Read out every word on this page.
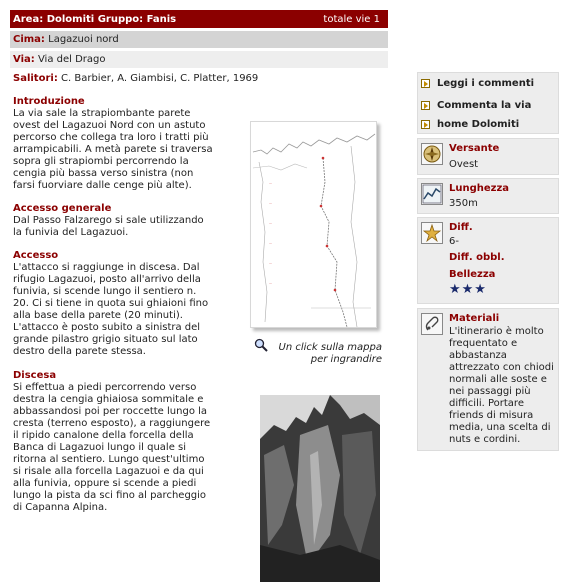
Area: Dolomiti Gruppo: Fanis	totale vie 1
Cima:
Lagazuoi nord
Via:
Via del Drago
Salitori: C. Barbier, A. Giambisi, C. Platter, 1969
Introduzione

La via sale la strapiombante parete
ovest del Lagazuoi Nord con un astuto
percorso che collega tra loro i tratti più
arrampicabili. A metà parete si traversa
sopra gli strapiombi percorrendo la
cengia più bassa verso sinistra (non
farsi fuorviare dalle cenge più alte).

Accesso generale

Dal Passo Falzarego si sale utilizzando
la funivia del Lagazuoi.

Accesso

L'attacco si raggiunge in discesa. Dal
rifugio Lagazuoi, posto all'arrivo della
funivia, si scende lungo il sentiero n.
20. Ci si tiene in quota sui ghiaioni fino
alla base della parete (20 minuti).
L'attacco è posto subito a sinistra del
grande pilastro grigio situato sul lato
destro della parete stessa.

Discesa

Si effettua a piedi percorrendo verso
destra la cengia ghiaiosa sommitale e
abbassandosi poi per roccette lungo la
cresta (terreno esposto), a raggiungere
il ripido canalone della forcella della
Banca di Lagazuoi lungo il quale si
ritorna al sentiero. Lungo quest'ultimo
si risale alla forcella Lagazuoi e da qui
alla funivia, oppure si scende a piedi
lungo la pista da sci fino al parcheggio
di Capanna Alpina.

—
—
—
—
—
—
Un click sulla mappa
per ingrandire
Leggi i commenti
Commenta la via
home Dolomiti
Versante
Ovest
Lunghezza
350m
Diff.
6-
Diff. obbl.
Bellezza
★★★
Materiali
L'itinerario è molto
frequentato e
abbastanza
attrezzato con chiodi
normali alle soste e
nei passaggi più
difficili. Portare
friends di misura
media, una scelta di
nuts e cordini.
